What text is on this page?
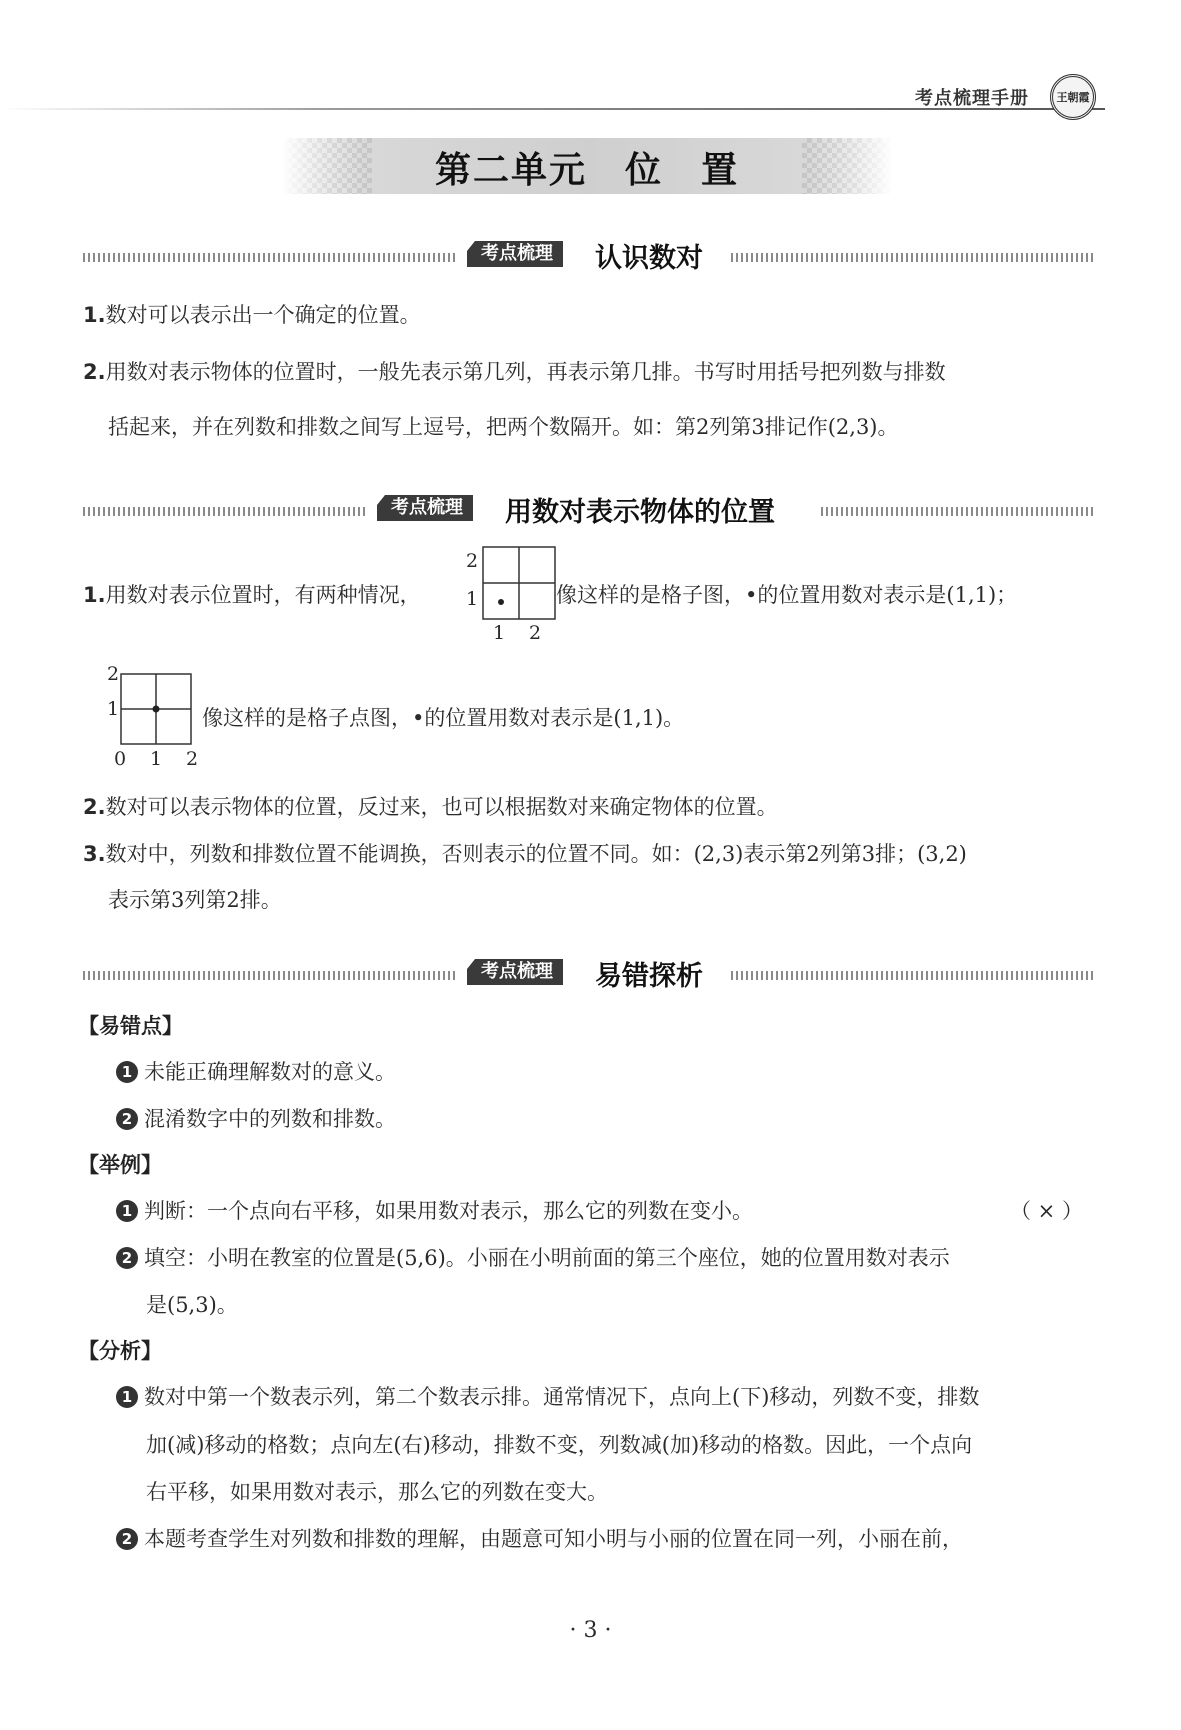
考点梳理手册	王朝霞
第二单元　位　置
考点梳理	认识数对
1.数对可以表示出一个确定的位置。
2.用数对表示物体的位置时，一般先表示第几列，再表示第几排。书写时用括号把列数与排数
括起来，并在列数和排数之间写上逗号，把两个数隔开。如：第2列第3排记作(2,3)。
考点梳理	用数对表示物体的位置
1.用数对表示位置时，有两种情况，
2
1
1 2
像这样的是格子图，•的位置用数对表示是(1,1)；
2
1
0 1 2
像这样的是格子点图，•的位置用数对表示是(1,1)。
2.数对可以表示物体的位置，反过来，也可以根据数对来确定物体的位置。
3.数对中，列数和排数位置不能调换，否则表示的位置不同。如：(2,3)表示第2列第3排；(3,2)
表示第3列第2排。
考点梳理	易错探析
【易错点】
1 未能正确理解数对的意义。
2 混淆数字中的列数和排数。
【举例】
1 判断：一个点向右平移，如果用数对表示，那么它的列数在变小。	（ × ）
2 填空：小明在教室的位置是(5,6)。小丽在小明前面的第三个座位，她的位置用数对表示
是(5,3)。
【分析】
1 数对中第一个数表示列，第二个数表示排。通常情况下，点向上(下)移动，列数不变，排数
加(减)移动的格数；点向左(右)移动，排数不变，列数减(加)移动的格数。因此，一个点向
右平移，如果用数对表示，那么它的列数在变大。
2 本题考查学生对列数和排数的理解，由题意可知小明与小丽的位置在同一列，小丽在前，
· 3 ·
